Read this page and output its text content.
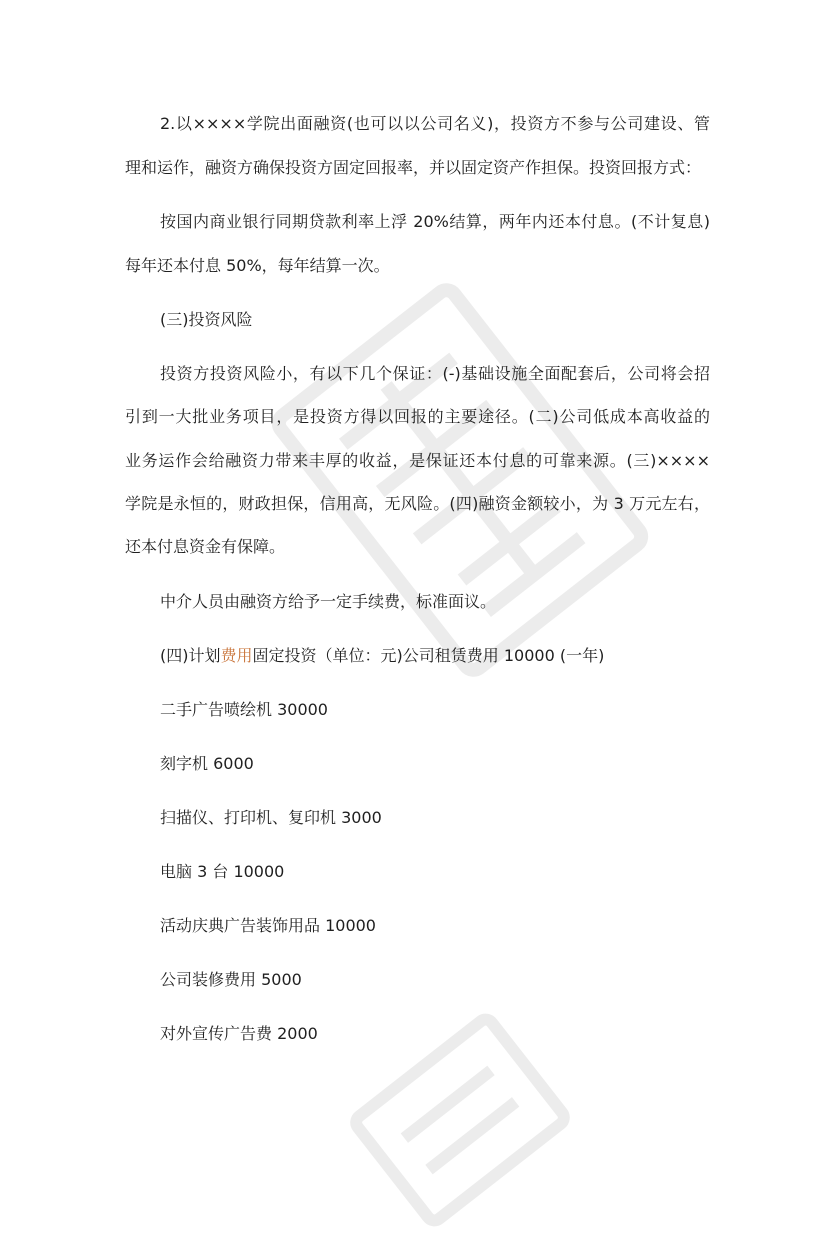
2.以××××学院出面融资(也可以以公司名义)，投资方不参与公司建设、管
理和运作，融资方确保投资方固定回报率，并以固定资产作担保。投资回报方式：
按国内商业银行同期贷款利率上浮 20%结算，两年内还本付息。(不计复息)
每年还本付息 50%，每年结算一次。
(三)投资风险
投资方投资风险小，有以下几个保证：(-)基础设施全面配套后，公司将会招
引到一大批业务项目，是投资方得以回报的主要途径。(二)公司低成本高收益的
业务运作会给融资力带来丰厚的收益，是保证还本付息的可靠来源。(三)××××
学院是永恒的，财政担保，信用高，无风险。(四)融资金额较小，为 3 万元左右，
还本付息资金有保障。
中介人员由融资方给予一定手续费，标准面议。
(四)计划费用固定投资（单位：元)公司租赁费用 10000 (一年)
二手广告喷绘机 30000
刻字机 6000
扫描仪、打印机、复印机 3000
电脑 3 台 10000
活动庆典广告装饰用品 10000
公司装修费用 5000
对外宣传广告费 2000
